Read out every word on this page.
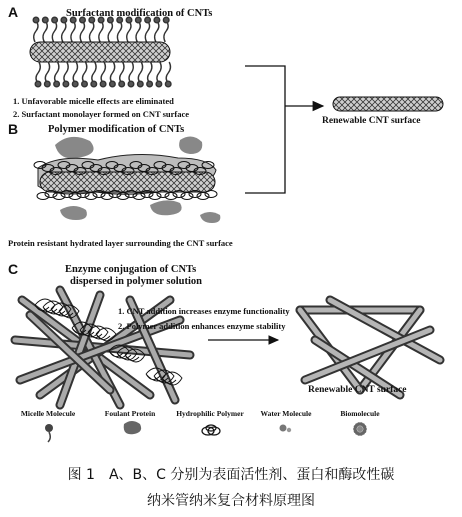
A	Surfactant modification of CNTs
1. Unfavorable micelle effects are eliminated
2. Surfactant monolayer formed on CNT surface
Renewable CNT surface
B	Polymer modification of CNTs
Protein resistant hydrated layer surrounding the CNT surface
C	Enzyme conjugation of CNTs
dispersed in polymer solution
1. CNT addition increases enzyme functionality
2. Polymer addition enhances enzyme stability
Renewable CNT surface
Micelle Molecule	Foulant Protein	Hydrophilic Polymer	Water Molecule	Biomolecule
图 1　A、B、C 分别为表面活性剂、蛋白和酶改性碳
纳米管纳米复合材料原理图
